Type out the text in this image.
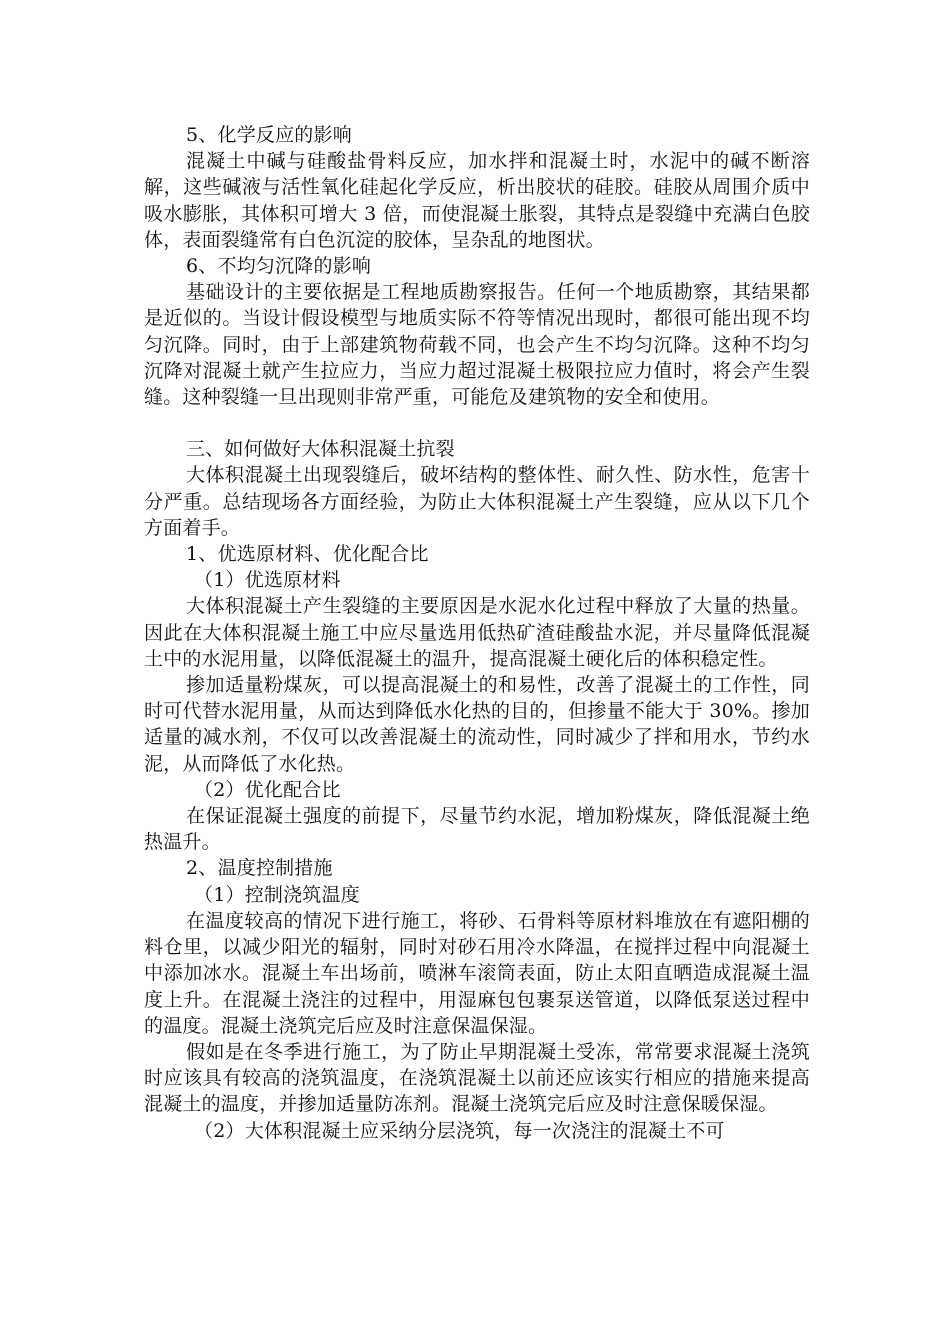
5、化学反应的影响

混凝土中碱与硅酸盐骨料反应，加水拌和混凝土时，水泥中的碱不断溶解，这些碱液与活性氧化硅起化学反应，析出胶状的硅胶。硅胶从周围介质中吸水膨胀，其体积可增大 3 倍，而使混凝土胀裂，其特点是裂缝中充满白色胶体，表面裂缝常有白色沉淀的胶体，呈杂乱的地图状。

6、不均匀沉降的影响

基础设计的主要依据是工程地质勘察报告。任何一个地质勘察，其结果都是近似的。当设计假设模型与地质实际不符等情况出现时，都很可能出现不均匀沉降。同时，由于上部建筑物荷载不同，也会产生不均匀沉降。这种不均匀沉降对混凝土就产生拉应力，当应力超过混凝土极限拉应力值时，将会产生裂缝。这种裂缝一旦出现则非常严重，可能危及建筑物的安全和使用。

三、如何做好大体积混凝土抗裂

大体积混凝土出现裂缝后，破坏结构的整体性、耐久性、防水性，危害十分严重。总结现场各方面经验，为防止大体积混凝土产生裂缝，应从以下几个方面着手。

1、优选原材料、优化配合比

（1）优选原材料

大体积混凝土产生裂缝的主要原因是水泥水化过程中释放了大量的热量。因此在大体积混凝土施工中应尽量选用低热矿渣硅酸盐水泥，并尽量降低混凝土中的水泥用量，以降低混凝土的温升，提高混凝土硬化后的体积稳定性。

掺加适量粉煤灰，可以提高混凝土的和易性，改善了混凝土的工作性，同时可代替水泥用量，从而达到降低水化热的目的，但掺量不能大于 30%。掺加适量的减水剂，不仅可以改善混凝土的流动性，同时减少了拌和用水，节约水泥，从而降低了水化热。

（2）优化配合比

在保证混凝土强度的前提下，尽量节约水泥，增加粉煤灰，降低混凝土绝热温升。

2、温度控制措施

（1）控制浇筑温度

在温度较高的情况下进行施工，将砂、石骨料等原材料堆放在有遮阳棚的料仓里，以减少阳光的辐射，同时对砂石用冷水降温，在搅拌过程中向混凝土中添加冰水。混凝土车出场前，喷淋车滚筒表面，防止太阳直晒造成混凝土温度上升。在混凝土浇注的过程中，用湿麻包包裹泵送管道，以降低泵送过程中的温度。混凝土浇筑完后应及时注意保温保湿。

假如是在冬季进行施工，为了防止早期混凝土受冻，常常要求混凝土浇筑时应该具有较高的浇筑温度，在浇筑混凝土以前还应该实行相应的措施来提高混凝土的温度，并掺加适量防冻剂。混凝土浇筑完后应及时注意保暖保湿。

（2）大体积混凝土应采纳分层浇筑，每一次浇注的混凝土不可
